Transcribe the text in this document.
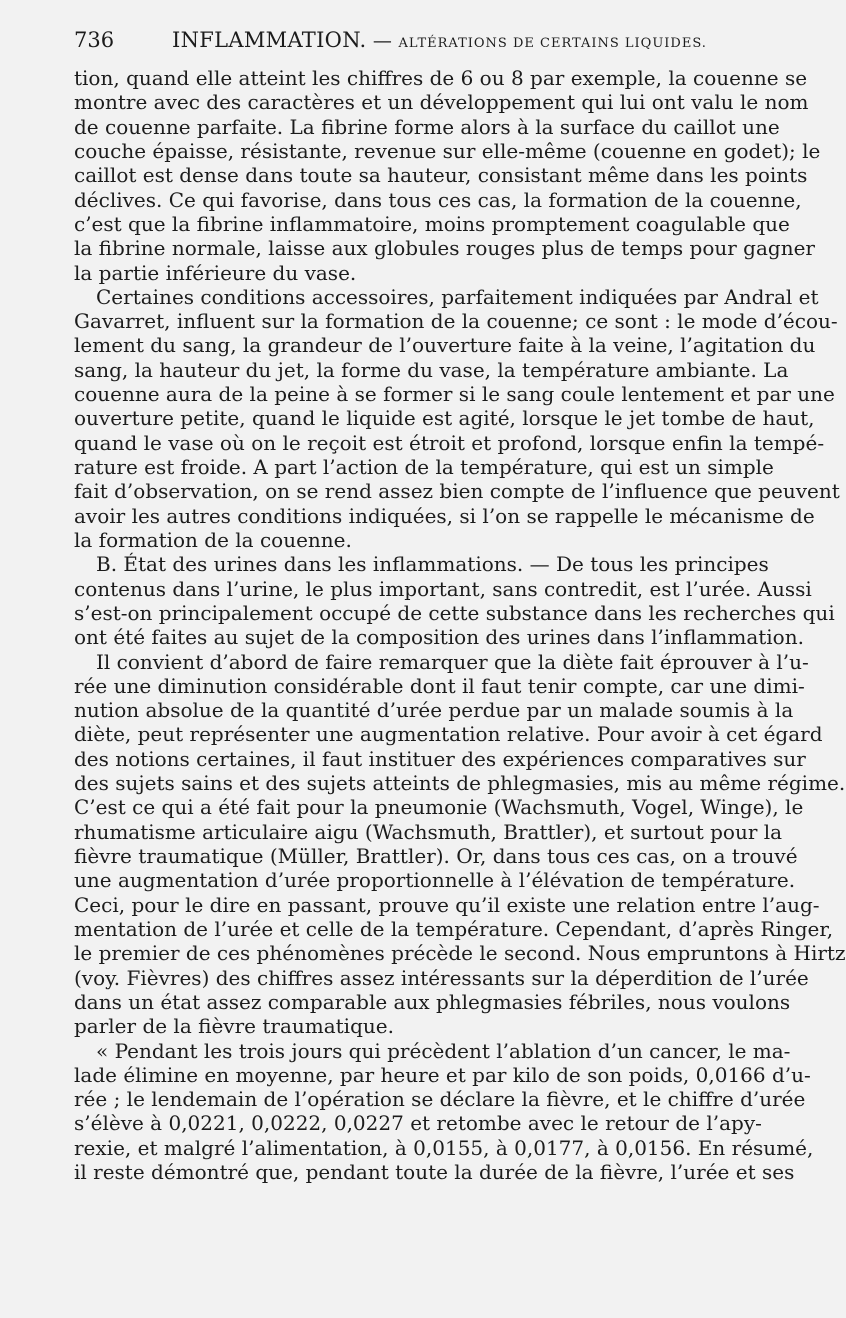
736	INFLAMMATION. — ALTÉRATIONS DE CERTAINS LIQUIDES.
tion, quand elle atteint les chiffres de 6 ou 8 par exemple, la couenne se
montre avec des caractères et un développement qui lui ont valu le nom
de couenne parfaite. La fibrine forme alors à la surface du caillot une
couche épaisse, résistante, revenue sur elle-même (couenne en godet); le
caillot est dense dans toute sa hauteur, consistant même dans les points
déclives. Ce qui favorise, dans tous ces cas, la formation de la couenne,
c’est que la fibrine inflammatoire, moins promptement coagulable que
la fibrine normale, laisse aux globules rouges plus de temps pour gagner
la partie inférieure du vase.
Certaines conditions accessoires, parfaitement indiquées par Andral et
Gavarret, influent sur la formation de la couenne; ce sont : le mode d’écou-
lement du sang, la grandeur de l’ouverture faite à la veine, l’agitation du
sang, la hauteur du jet, la forme du vase, la température ambiante. La
couenne aura de la peine à se former si le sang coule lentement et par une
ouverture petite, quand le liquide est agité, lorsque le jet tombe de haut,
quand le vase où on le reçoit est étroit et profond, lorsque enfin la tempé-
rature est froide. A part l’action de la température, qui est un simple
fait d’observation, on se rend assez bien compte de l’influence que peuvent
avoir les autres conditions indiquées, si l’on se rappelle le mécanisme de
la formation de la couenne.
B. État des urines dans les inflammations. — De tous les principes
contenus dans l’urine, le plus important, sans contredit, est l’urée. Aussi
s’est-on principalement occupé de cette substance dans les recherches qui
ont été faites au sujet de la composition des urines dans l’inflammation.
Il convient d’abord de faire remarquer que la diète fait éprouver à l’u-
rée une diminution considérable dont il faut tenir compte, car une dimi-
nution absolue de la quantité d’urée perdue par un malade soumis à la
diète, peut représenter une augmentation relative. Pour avoir à cet égard
des notions certaines, il faut instituer des expériences comparatives sur
des sujets sains et des sujets atteints de phlegmasies, mis au même régime.
C’est ce qui a été fait pour la pneumonie (Wachsmuth, Vogel, Winge), le
rhumatisme articulaire aigu (Wachsmuth, Brattler), et surtout pour la
fièvre traumatique (Müller, Brattler). Or, dans tous ces cas, on a trouvé
une augmentation d’urée proportionnelle à l’élévation de température.
Ceci, pour le dire en passant, prouve qu’il existe une relation entre l’aug-
mentation de l’urée et celle de la température. Cependant, d’après Ringer,
le premier de ces phénomènes précède le second. Nous empruntons à Hirtz
(voy. Fièvres) des chiffres assez intéressants sur la déperdition de l’urée
dans un état assez comparable aux phlegmasies fébriles, nous voulons
parler de la fièvre traumatique.
« Pendant les trois jours qui précèdent l’ablation d’un cancer, le ma-
lade élimine en moyenne, par heure et par kilo de son poids, 0,0166 d’u-
rée ; le lendemain de l’opération se déclare la fièvre, et le chiffre d’urée
s’élève à 0,0221, 0,0222, 0,0227 et retombe avec le retour de l’apy-
rexie, et malgré l’alimentation, à 0,0155, à 0,0177, à 0,0156. En résumé,
il reste démontré que, pendant toute la durée de la fièvre, l’urée et ses
